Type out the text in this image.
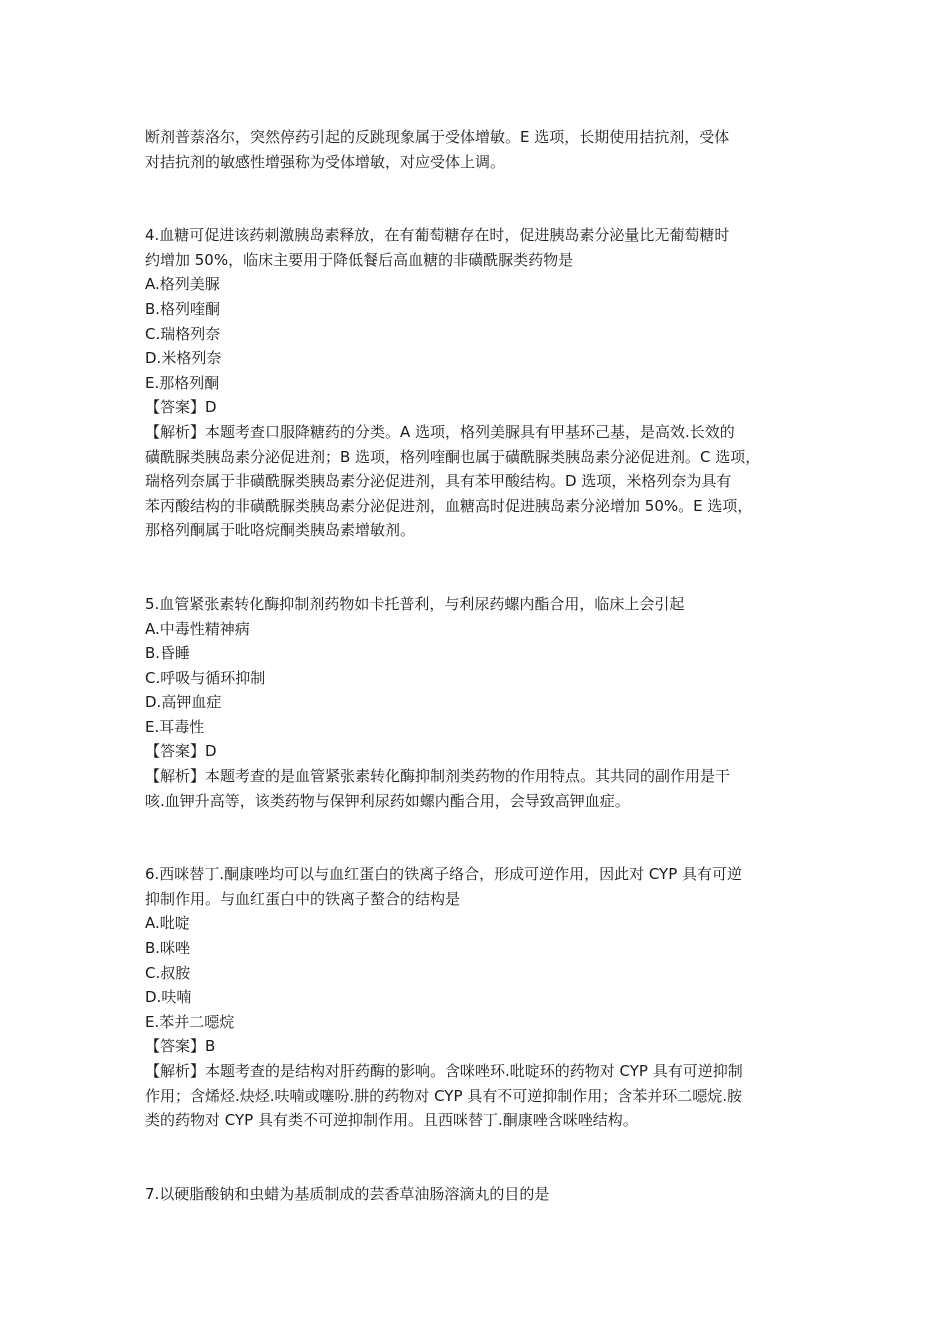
断剂普萘洛尔，突然停药引起的反跳现象属于受体增敏。E 选项，长期使用拮抗剂，受体

对拮抗剂的敏感性增强称为受体增敏，对应受体上调。

4.血糖可促进该药刺激胰岛素释放，在有葡萄糖存在时，促进胰岛素分泌量比无葡萄糖时

约增加 50%，临床主要用于降低餐后高血糖的非磺酰脲类药物是

A.格列美脲

B.格列喹酮

C.瑞格列奈

D.米格列奈

E.那格列酮

【答案】D

【解析】本题考查口服降糖药的分类。A 选项，格列美脲具有甲基环己基，是高效.长效的

磺酰脲类胰岛素分泌促进剂；B 选项，格列喹酮也属于磺酰脲类胰岛素分泌促进剂。C 选项，

瑞格列奈属于非磺酰脲类胰岛素分泌促进剂，具有苯甲酸结构。D 选项，米格列奈为具有

苯丙酸结构的非磺酰脲类胰岛素分泌促进剂，血糖高时促进胰岛素分泌增加 50%。E 选项，

那格列酮属于吡咯烷酮类胰岛素增敏剂。

5.血管紧张素转化酶抑制剂药物如卡托普利，与利尿药螺内酯合用，临床上会引起

A.中毒性精神病

B.昏睡

C.呼吸与循环抑制

D.高钾血症

E.耳毒性

【答案】D

【解析】本题考查的是血管紧张素转化酶抑制剂类药物的作用特点。其共同的副作用是干

咳.血钾升高等，该类药物与保钾利尿药如螺内酯合用，会导致高钾血症。

6.西咪替丁.酮康唑均可以与血红蛋白的铁离子络合，形成可逆作用，因此对 CYP 具有可逆

抑制作用。与血红蛋白中的铁离子螯合的结构是

A.吡啶

B.咪唑

C.叔胺

D.呋喃

E.苯并二噁烷

【答案】B

【解析】本题考查的是结构对肝药酶的影响。含咪唑环.吡啶环的药物对 CYP 具有可逆抑制

作用；含烯烃.炔烃.呋喃或噻吩.肼的药物对 CYP 具有不可逆抑制作用；含苯并环二噁烷.胺

类的药物对 CYP 具有类不可逆抑制作用。且西咪替丁.酮康唑含咪唑结构。

7.以硬脂酸钠和虫蜡为基质制成的芸香草油肠溶滴丸的目的是
